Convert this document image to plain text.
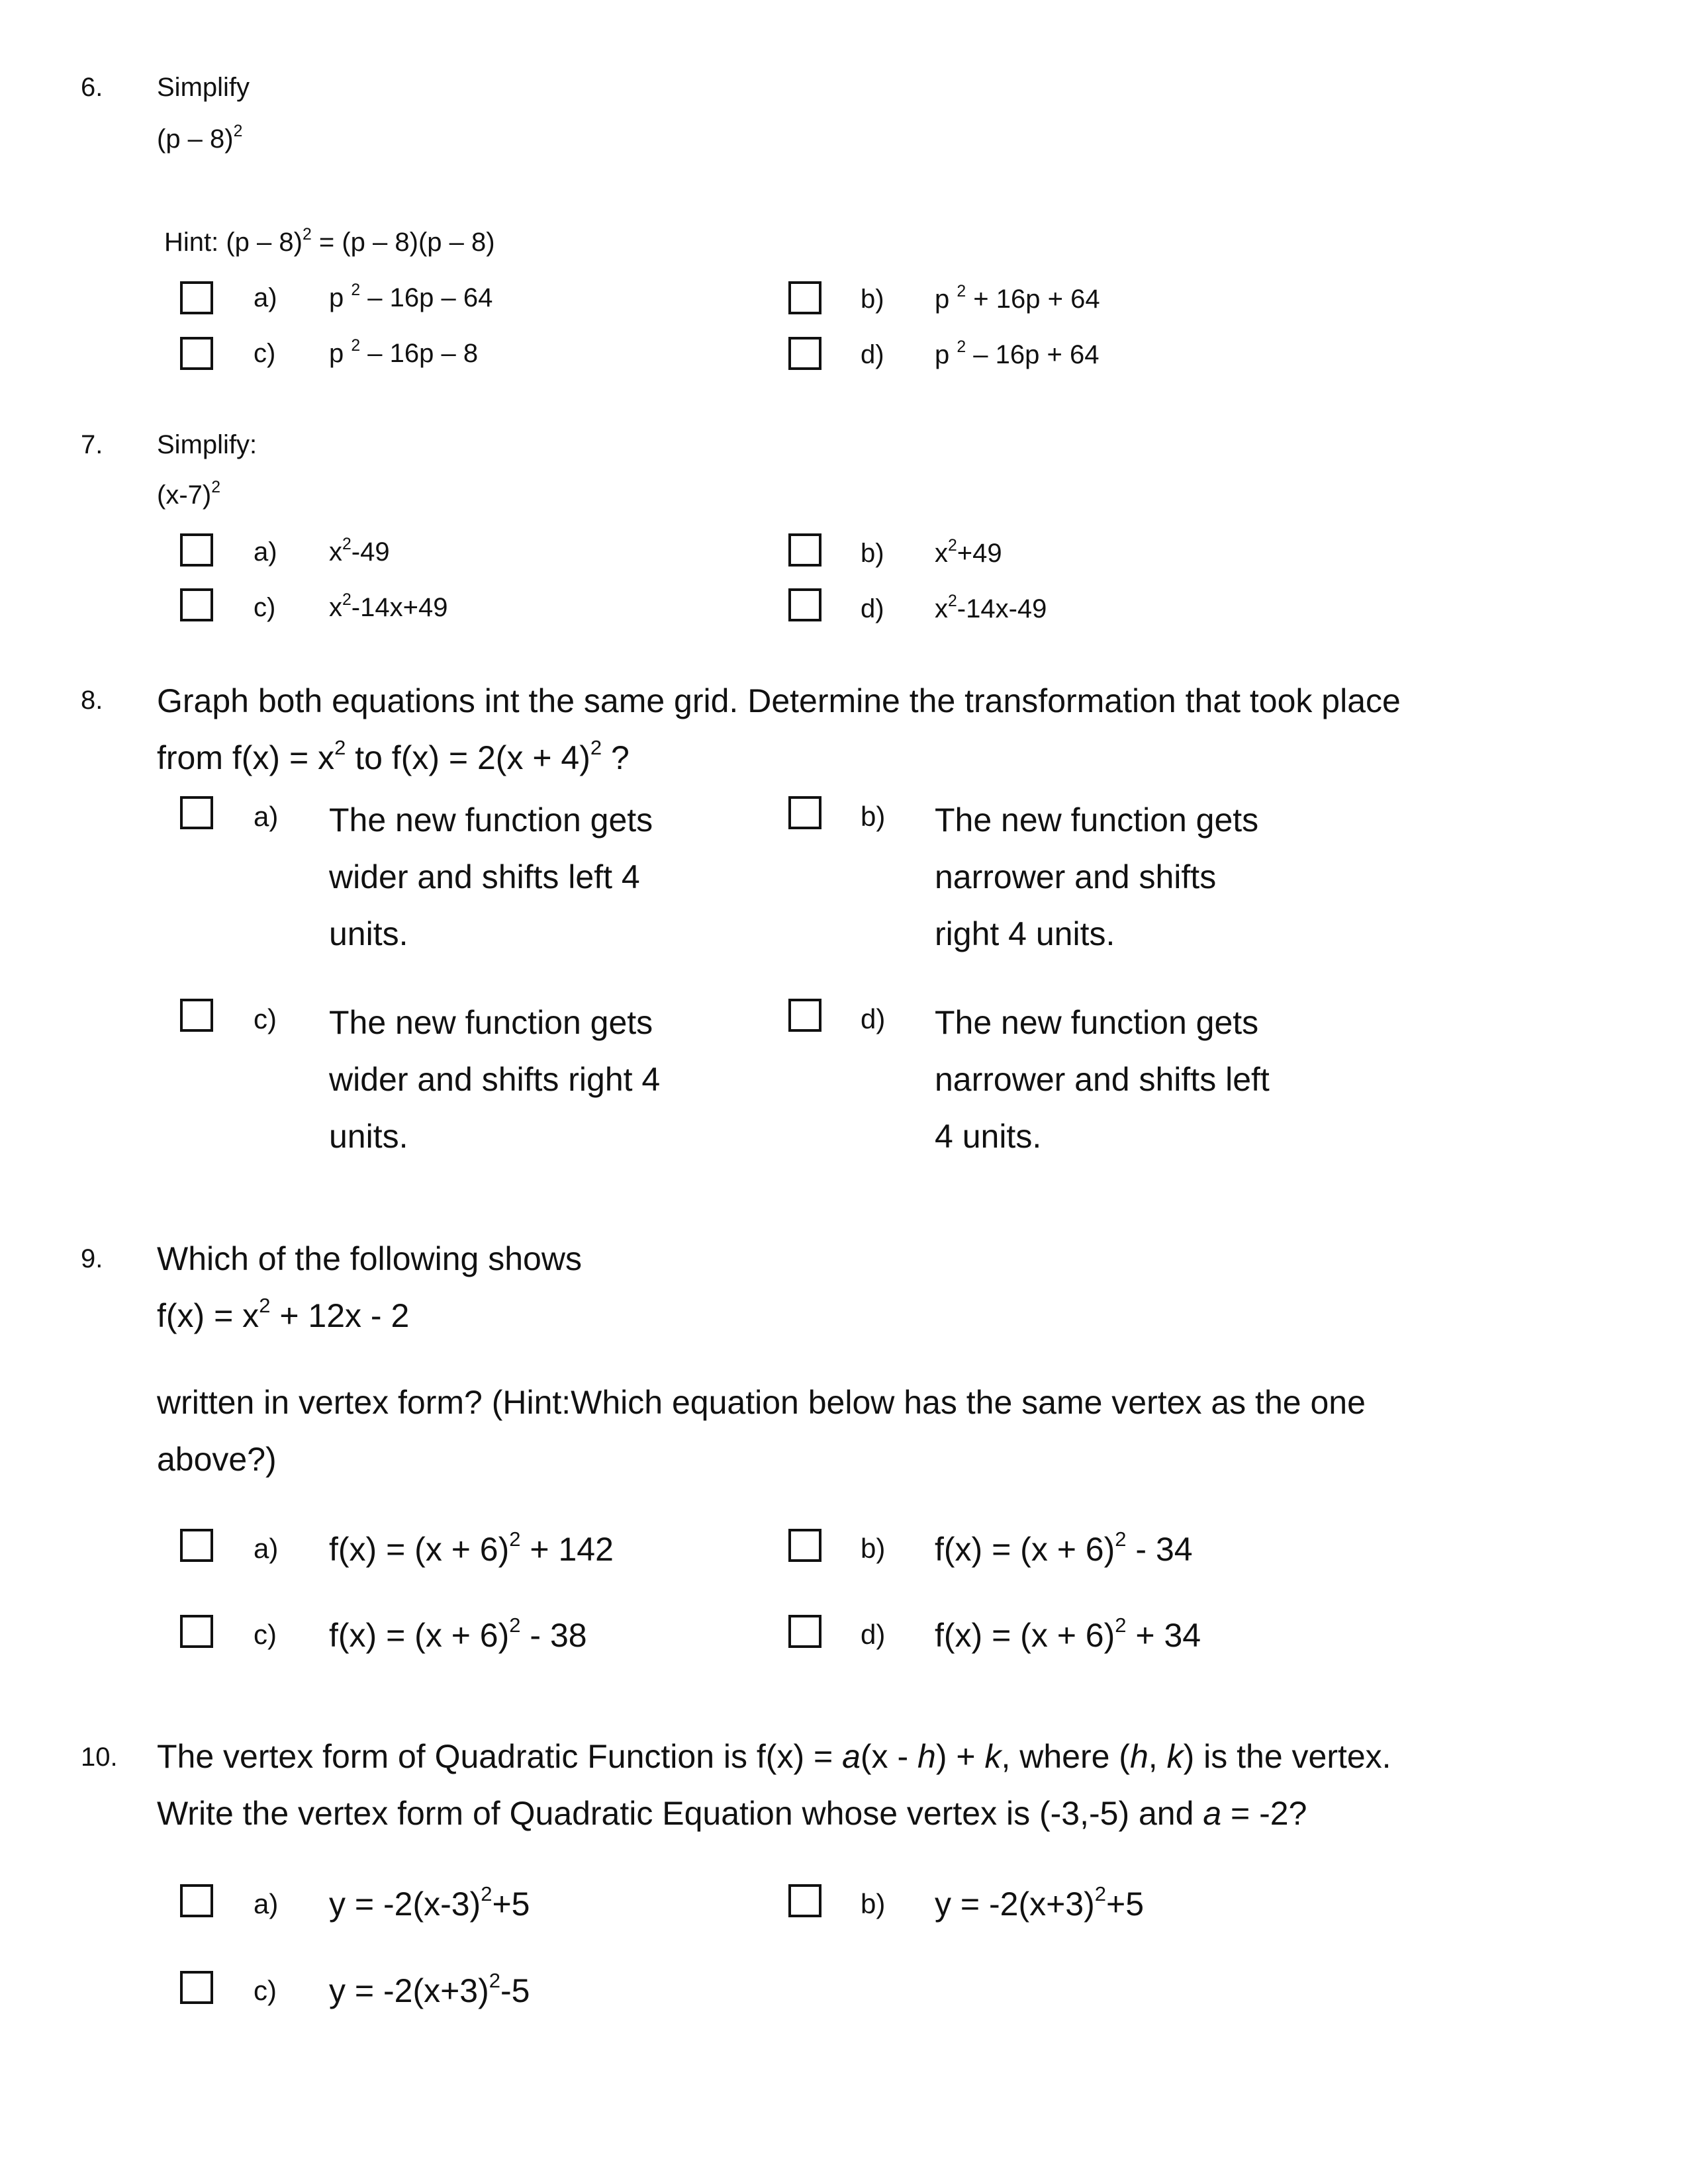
6. Simplify
(p – 8)$^2$
Hint: (p – 8)$^2$ = (p – 8)(p – 8)
a) p $^2$ – 16p – 64	b) p $^2$ + 16p + 64
c) p $^2$ – 16p – 8	d) p $^2$ – 16p + 64
7. Simplify:
$(x-7)^2$
a) $x^2-49$	b) $x^2+49$
c) $x^2-14x+49$	d) $x^2-14x-49$
8. Graph both equations int the same grid. Determine the transformation that took place
from $f(x) = x^2$ to $f(x) = 2(x + 4)^2$ ?
a) The new function gets wider and shifts left 4 units.
b) The new function gets narrower and shifts right 4 units.
c) The new function gets wider and shifts right 4 units.
d) The new function gets narrower and shifts left 4 units.
9. Which of the following shows
$f(x) = x^2 + 12x - 2$
written in vertex form? (Hint:Which equation below has the same vertex as the one
above?)
a) $f(x) = (x + 6)^2 + 142$	b) $f(x) = (x + 6)^2 - 34$
c) $f(x) = (x + 6)^2 - 38$	d) $f(x) = (x + 6)^2 + 34$
10. The vertex form of Quadratic Function is f(x) = a(x - h) + k, where (h, k) is the vertex.
Write the vertex form of Quadratic Equation whose vertex is (-3,-5) and a = -2?
a) $y = -2(x-3)^2+5$	b) $y = -2(x+3)^2+5$
c) $y = -2(x+3)^2-5$
